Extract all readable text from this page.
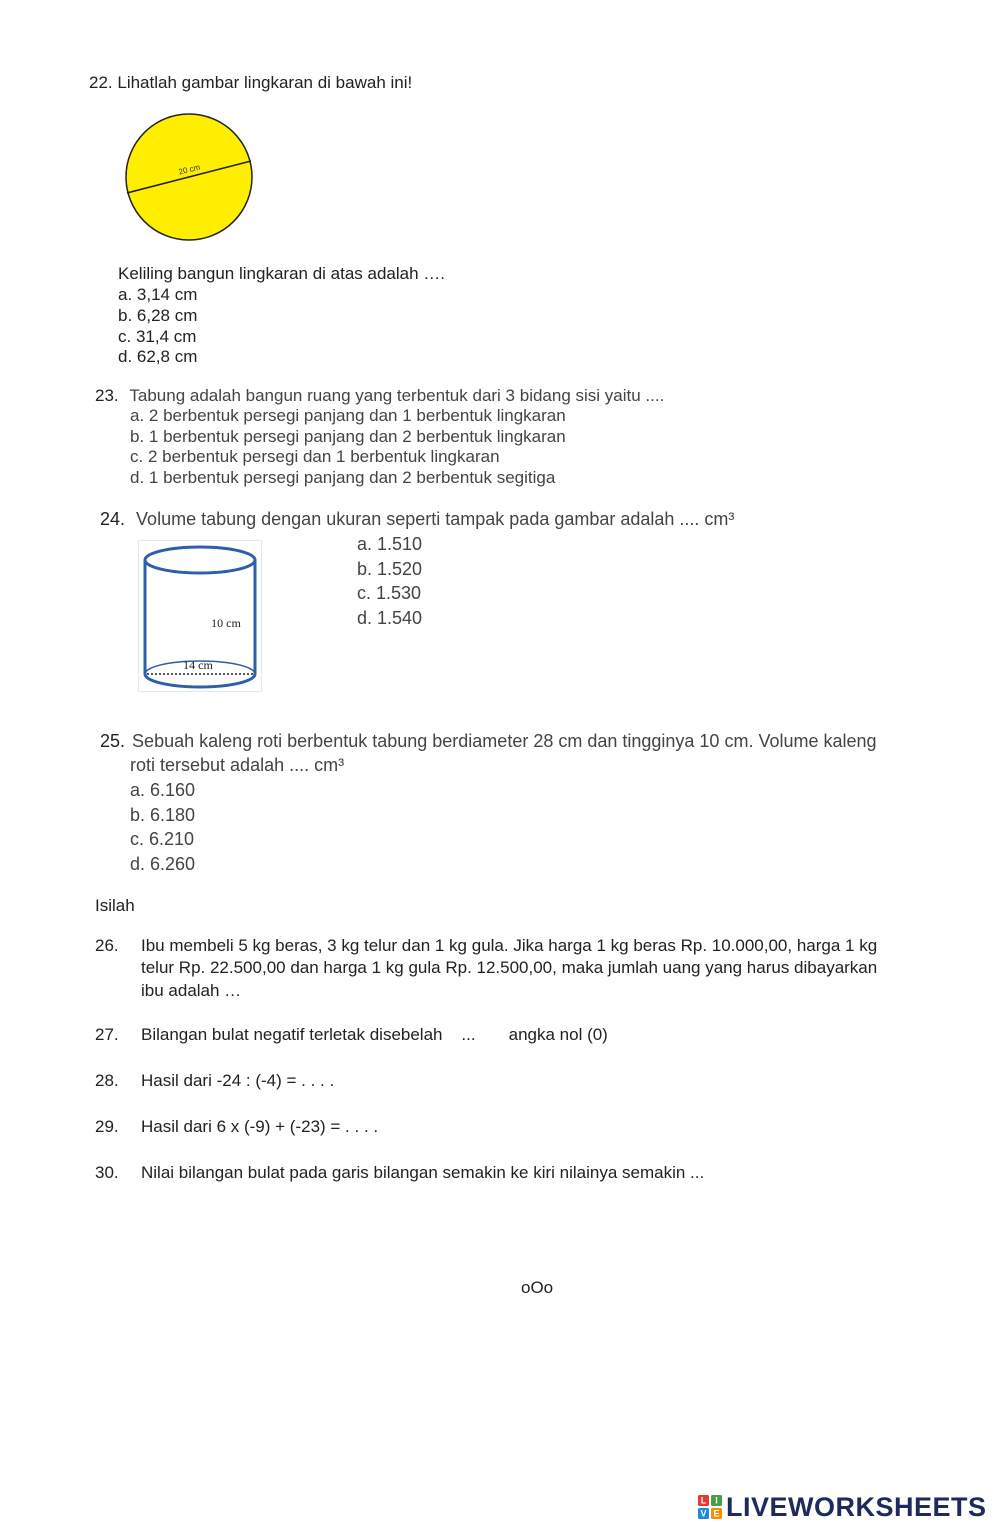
22. Lihatlah gambar lingkaran di bawah ini!
20 cm
Keliling bangun lingkaran di atas adalah ….
a. 3,14 cm
b. 6,28 cm
c. 31,4 cm
d. 62,8 cm
23. Tabung adalah bangun ruang yang terbentuk dari 3 bidang sisi yaitu ....
a. 2 berbentuk persegi panjang dan 1 berbentuk lingkaran
b. 1 berbentuk persegi panjang dan 2 berbentuk lingkaran
c. 2 berbentuk persegi dan 1 berbentuk lingkaran
d. 1 berbentuk persegi panjang dan 2 berbentuk segitiga
24. Volume tabung dengan ukuran seperti tampak pada gambar adalah .... cm³
10 cm
14 cm
a. 1.510
b. 1.520
c. 1.530
d. 1.540
25. Sebuah kaleng roti berbentuk tabung berdiameter 28 cm dan tingginya 10 cm. Volume kaleng
roti tersebut adalah .... cm³
a. 6.160
b. 6.180
c. 6.210
d. 6.260
Isilah
26. Ibu membeli 5 kg beras, 3 kg telur dan 1 kg gula. Jika harga 1 kg beras Rp. 10.000,00, harga 1 kg
telur Rp. 22.500,00 dan harga 1 kg gula Rp. 12.500,00, maka jumlah uang yang harus dibayarkan
ibu adalah …
27. Bilangan bulat negatif terletak disebelah    ...       angka nol (0)
28. Hasil dari -24 : (-4) = . . . .
29. Hasil dari 6 x (-9) + (-23) = . . . .
30. Nilai bilangan bulat pada garis bilangan semakin ke kiri nilainya semakin ...
oOo
L I
V E LIVEWORKSHEETS
